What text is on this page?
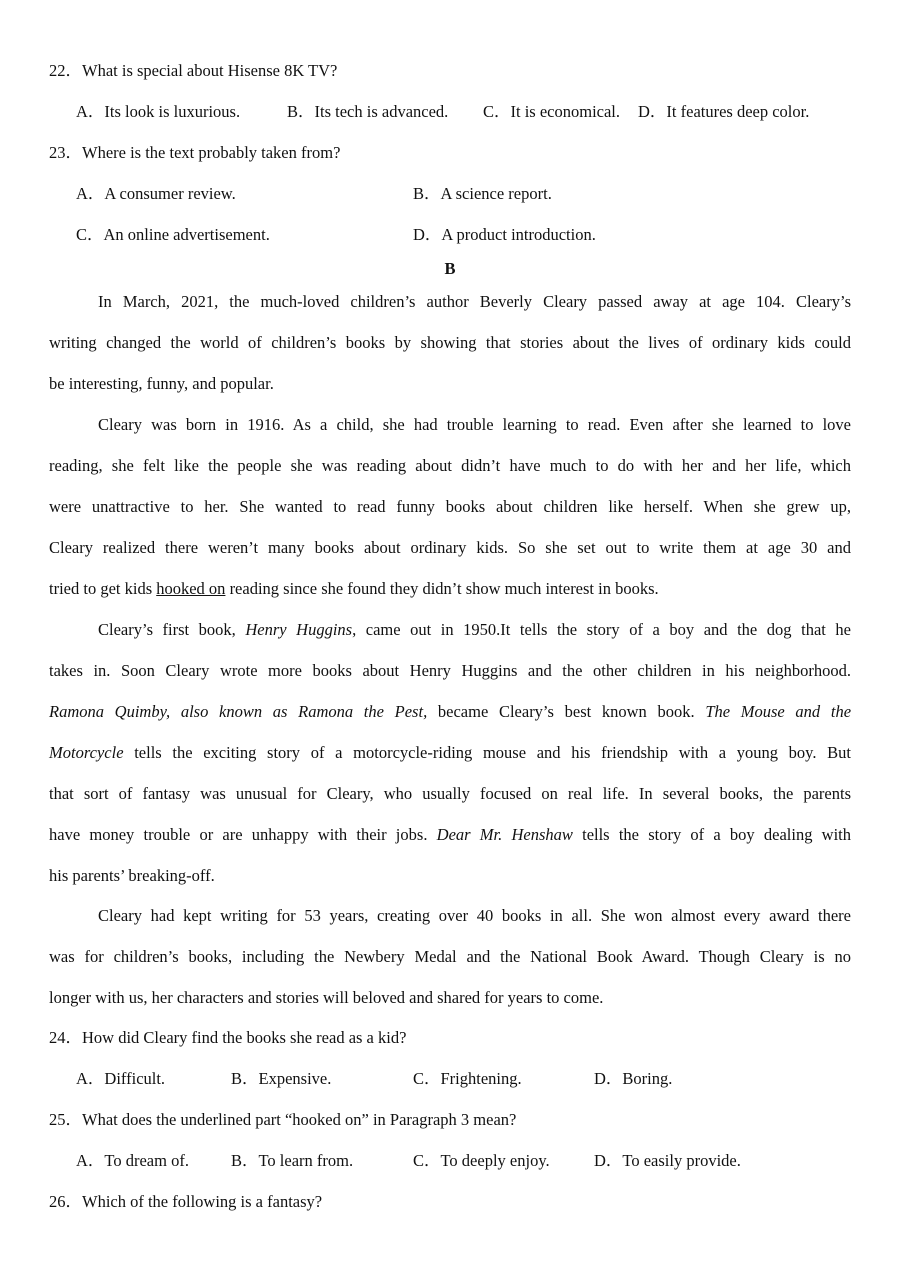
22．What is special about Hisense 8K TV?
A．Its look is luxurious.	B．Its tech is advanced. C．It is economical. D．It features deep color.
23．Where is the text probably taken from?
A．A consumer review.	B．A science report.
C．An online advertisement.	D．A product introduction.
B
In March, 2021, the much-loved children’s author Beverly Cleary passed away at age 104. Cleary’s
writing changed the world of children’s books by showing that stories about the lives of ordinary kids could
be interesting, funny, and popular.
Cleary was born in 1916. As a child, she had trouble learning to read. Even after she learned to love
reading, she felt like the people she was reading about didn’t have much to do with her and her life, which
were unattractive to her. She wanted to read funny books about children like herself. When she grew up,
Cleary realized there weren’t many books about ordinary kids. So she set out to write them at age 30 and
tried to get kids hooked on reading since she found they didn’t show much interest in books.
Cleary’s first book, Henry Huggins, came out in 1950.It tells the story of a boy and the dog that he
takes in. Soon Cleary wrote more books about Henry Huggins and the other children in his neighborhood.
Ramona Quimby, also known as Ramona the Pest, became Cleary’s best known book. The Mouse and the
Motorcycle tells the exciting story of a motorcycle-riding mouse and his friendship with a young boy. But
that sort of fantasy was unusual for Cleary, who usually focused on real life. In several books, the parents
have money trouble or are unhappy with their jobs. Dear Mr. Henshaw tells the story of a boy dealing with
his parents’ breaking-off.
Cleary had kept writing for 53 years, creating over 40 books in all. She won almost every award there
was for children’s books, including the Newbery Medal and the National Book Award. Though Cleary is no
longer with us, her characters and stories will beloved and shared for years to come.
24．How did Cleary find the books she read as a kid?
A．Difficult.	B．Expensive.	C．Frightening.	D．Boring.
25．What does the underlined part “hooked on” in Paragraph 3 mean?
A．To dream of.	B．To learn from.	C．To deeply enjoy.	D．To easily provide.
26．Which of the following is a fantasy?
